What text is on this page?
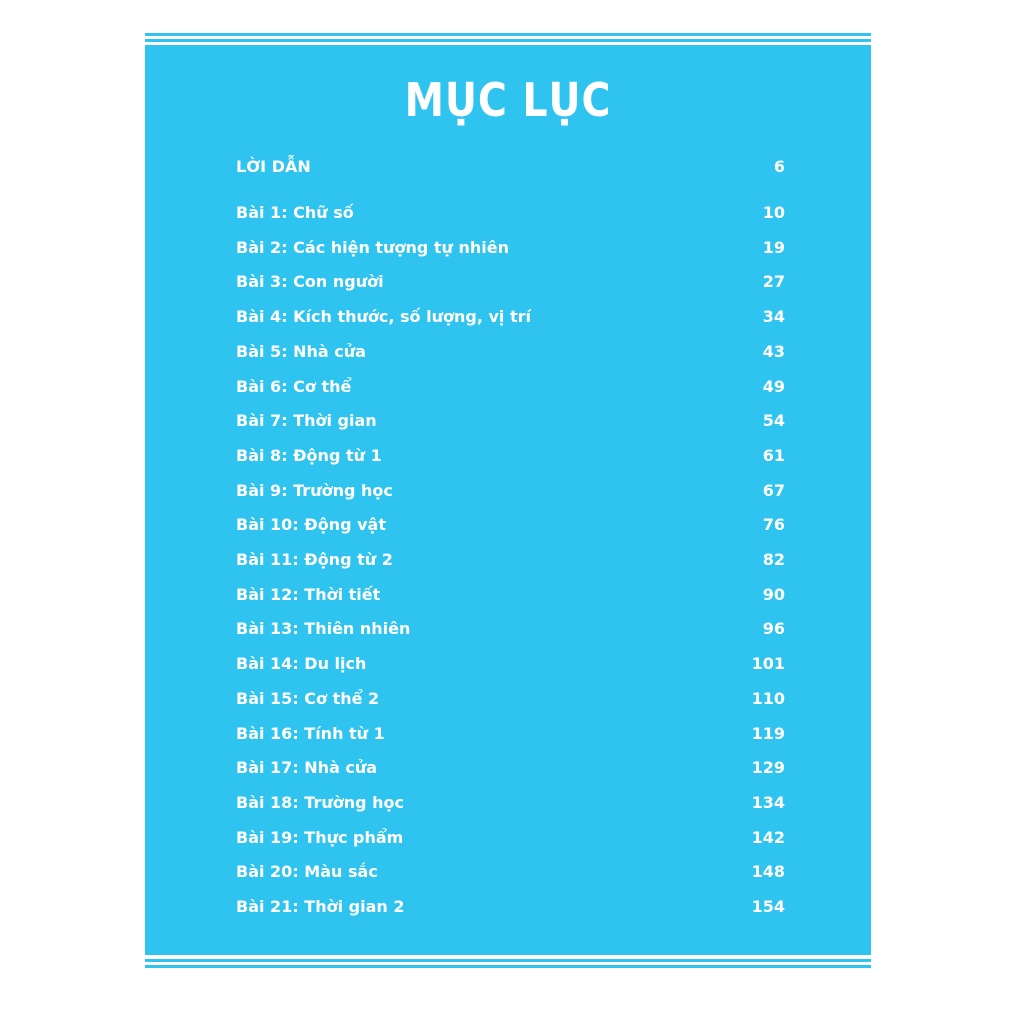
MỤC LỤC
LỜI DẪN	6
Bài 1: Chữ số	10
Bài 2: Các hiện tượng tự nhiên	19
Bài 3: Con người	27
Bài 4: Kích thước, số lượng, vị trí	34
Bài 5: Nhà cửa	43
Bài 6: Cơ thể	49
Bài 7: Thời gian	54
Bài 8: Động từ 1	61
Bài 9: Trường học	67
Bài 10: Động vật	76
Bài 11: Động từ 2	82
Bài 12: Thời tiết	90
Bài 13: Thiên nhiên	96
Bài 14: Du lịch	101
Bài 15: Cơ thể 2	110
Bài 16: Tính từ 1	119
Bài 17: Nhà cửa	129
Bài 18: Trường học	134
Bài 19: Thực phẩm	142
Bài 20: Màu sắc	148
Bài 21: Thời gian 2	154
